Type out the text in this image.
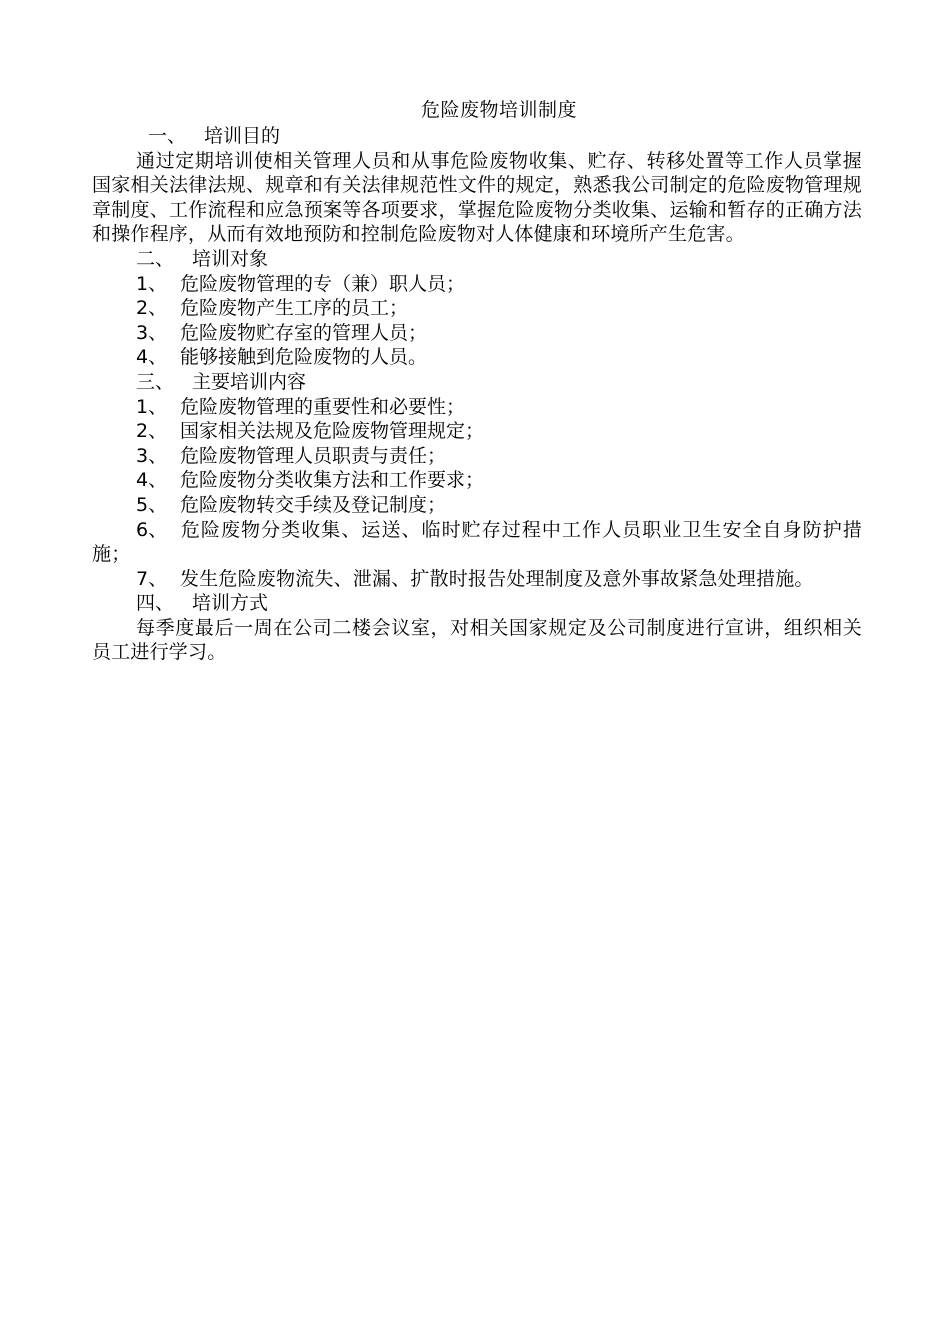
危险废物培训制度
一、 培训目的

通过定期培训使相关管理人员和从事危险废物收集、贮存、转移处置等工作人员掌握国家相关法律法规、规章和有关法律规范性文件的规定，熟悉我公司制定的危险废物管理规章制度、工作流程和应急预案等各项要求，掌握危险废物分类收集、运输和暂存的正确方法和操作程序，从而有效地预防和控制危险废物对人体健康和环境所产生危害。

二、 培训对象
1、 危险废物管理的专（兼）职人员；
2、 危险废物产生工序的员工；
3、 危险废物贮存室的管理人员；
4、 能够接触到危险废物的人员。
三、 主要培训内容
1、 危险废物管理的重要性和必要性；
2、 国家相关法规及危险废物管理规定；
3、 危险废物管理人员职责与责任；
4、 危险废物分类收集方法和工作要求；
5、 危险废物转交手续及登记制度；

6、 危险废物分类收集、运送、临时贮存过程中工作人员职业卫生安全自身防护措施；

7、 发生危险废物流失、泄漏、扩散时报告处理制度及意外事故紧急处理措施。

四、 培训方式

每季度最后一周在公司二楼会议室，对相关国家规定及公司制度进行宣讲，组织相关员工进行学习。
